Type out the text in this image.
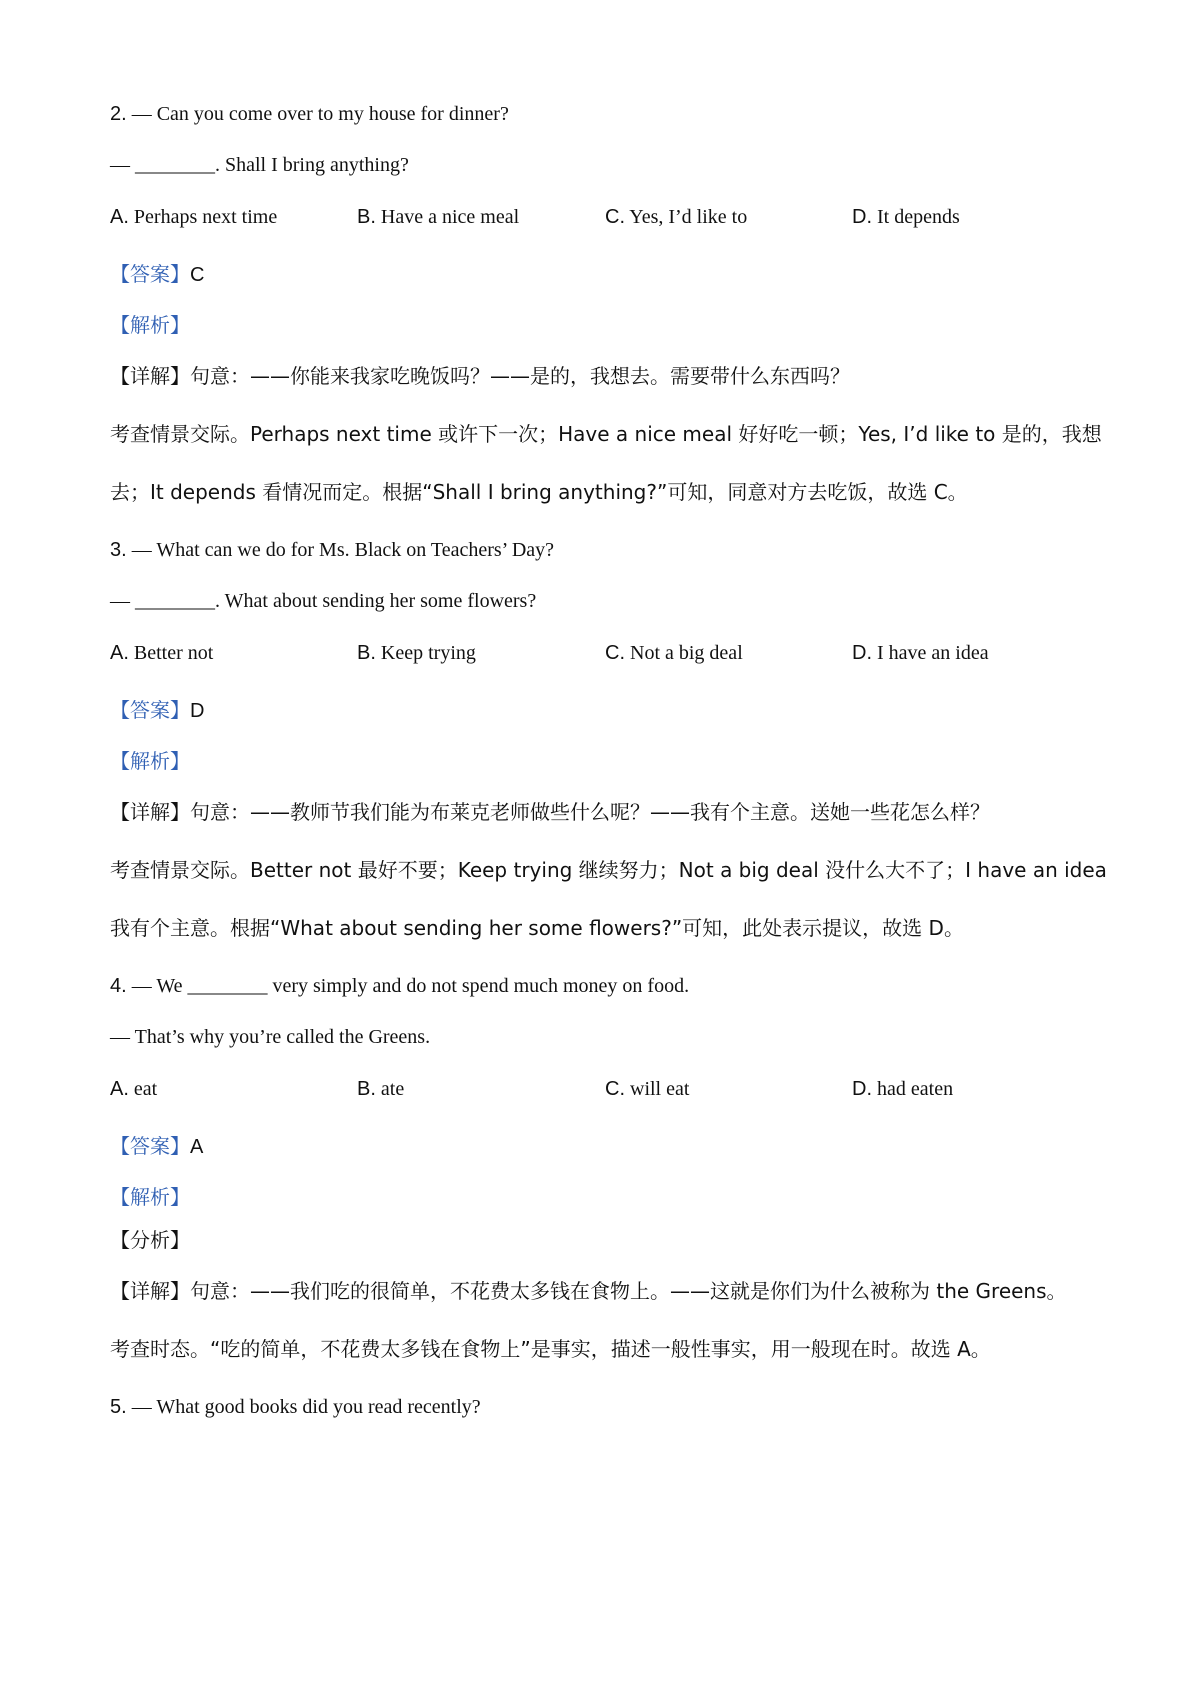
2. — Can you come over to my house for dinner?
— ________. Shall I bring anything?
A. Perhaps next time	B. Have a nice meal	C. Yes, I’d like to	D. It depends
【答案】C
【解析】
【详解】句意：——你能来我家吃晚饭吗？——是的，我想去。需要带什么东西吗？
考查情景交际。Perhaps next time 或许下一次；Have a nice meal 好好吃一顿；Yes, I’d like to 是的，我想
去；It depends 看情况而定。根据“Shall I bring anything?”可知，同意对方去吃饭，故选 C。
3. — What can we do for Ms. Black on Teachers’ Day?
— ________. What about sending her some flowers?
A. Better not	B. Keep trying	C. Not a big deal	D. I have an idea
【答案】D
【解析】
【详解】句意：——教师节我们能为布莱克老师做些什么呢？——我有个主意。送她一些花怎么样？
考查情景交际。Better not 最好不要；Keep trying 继续努力；Not a big deal 没什么大不了；I have an idea
我有个主意。根据“What about sending her some flowers?”可知，此处表示提议，故选 D。
4. — We ________ very simply and do not spend much money on food.
— That’s why you’re called the Greens.
A. eat	B. ate	C. will eat	D. had eaten
【答案】A
【解析】
【分析】
【详解】句意：——我们吃的很简单，不花费太多钱在食物上。——这就是你们为什么被称为 the Greens。
考查时态。“吃的简单，不花费太多钱在食物上”是事实，描述一般性事实，用一般现在时。故选 A。
5. — What good books did you read recently?
